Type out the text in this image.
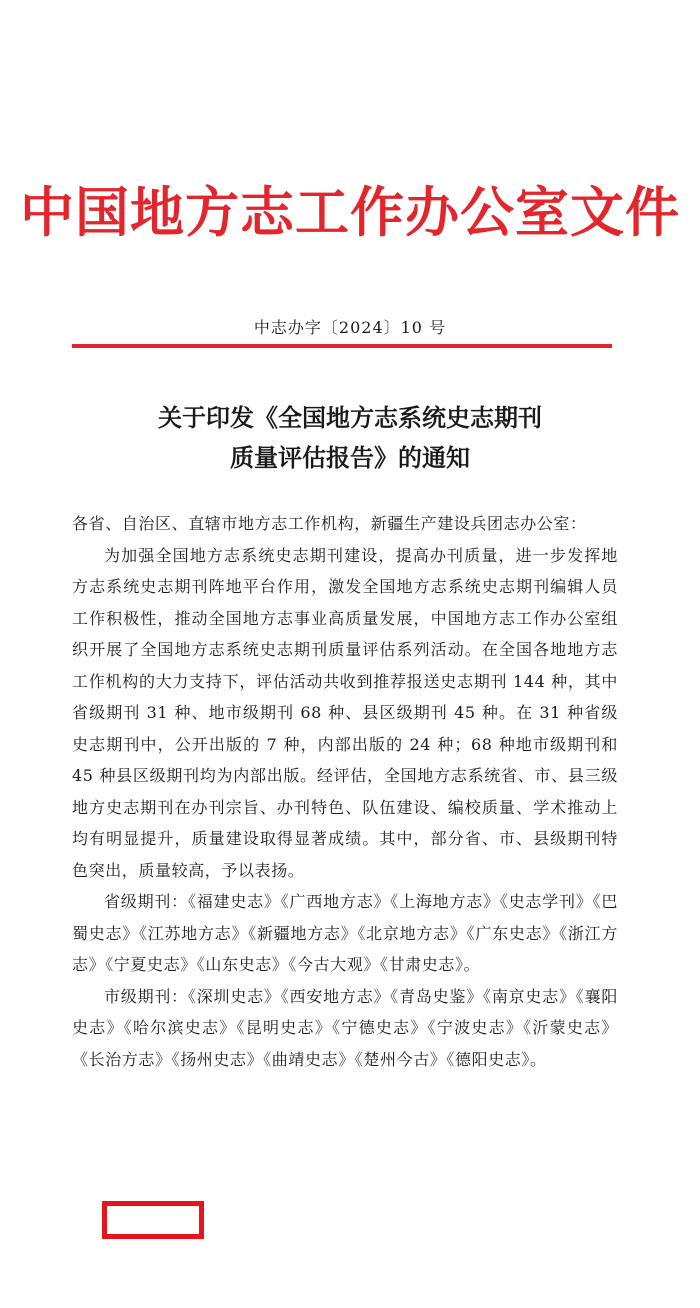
中国地方志工作办公室文件
中志办字〔2024〕10 号
关于印发《全国地方志系统史志期刊
质量评估报告》的通知

各省、自治区、直辖市地方志工作机构，新疆生产建设兵团志办公室：

为加强全国地方志系统史志期刊建设，提高办刊质量，进一步发挥地方志系统史志期刊阵地平台作用，激发全国地方志系统史志期刊编辑人员工作积极性，推动全国地方志事业高质量发展，中国地方志工作办公室组织开展了全国地方志系统史志期刊质量评估系列活动。在全国各地地方志工作机构的大力支持下，评估活动共收到推荐报送史志期刊 144 种，其中省级期刊 31 种、地市级期刊 68 种、县区级期刊 45 种。在 31 种省级史志期刊中，公开出版的 7 种，内部出版的 24 种；68 种地市级期刊和 45 种县区级期刊均为内部出版。经评估，全国地方志系统省、市、县三级地方史志期刊在办刊宗旨、办刊特色、队伍建设、编校质量、学术推动上均有明显提升，质量建设取得显著成绩。其中，部分省、市、县级期刊特色突出，质量较高，予以表扬。

省级期刊：《福建史志》《广西地方志》《上海地方志》《史志学刊》《巴蜀史志》《江苏地方志》《新疆地方志》《北京地方志》《广东史志》《浙江方志》《宁夏史志》《山东史志》《今古大观》《甘肃史志》。

市级期刊：《深圳史志》《西安地方志》《青岛史鉴》《南京史志》《襄阳史志》《哈尔滨史志》《昆明史志》《宁德史志》《宁波史志》《沂蒙史志》《长治方志》《扬州史志》《曲靖史志》《楚州今古》《德阳史志》。
